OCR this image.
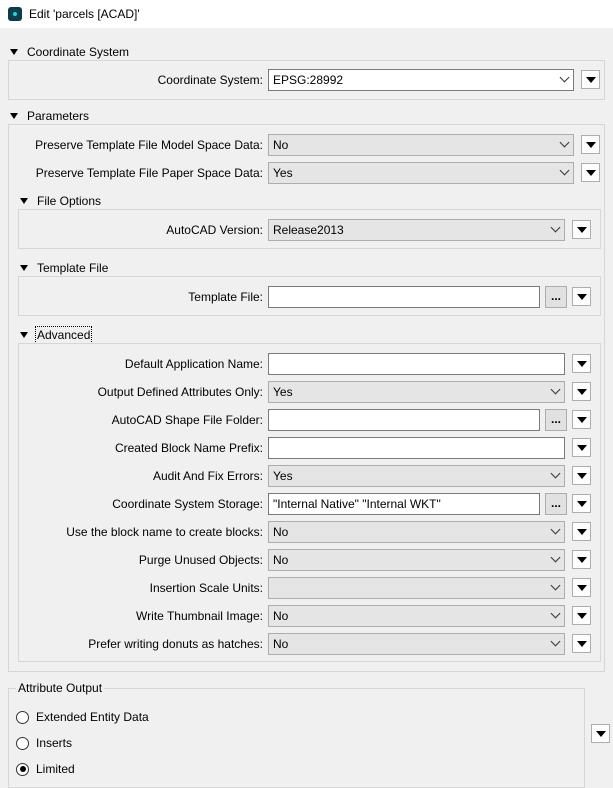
Edit 'parcels [ACAD]'
Coordinate System
Coordinate System: EPSG:28992
Parameters
Preserve Template File Model Space Data: No
Preserve Template File Paper Space Data: Yes
File Options
AutoCAD Version: Release2013
Template File
Template File:	...
Advanced
Default Application Name:
Output Defined Attributes Only: Yes
AutoCAD Shape File Folder:	...
Created Block Name Prefix:
Audit And Fix Errors: Yes
Coordinate System Storage: "Internal Native" "Internal WKT"	...
Use the block name to create blocks: No
Purge Unused Objects: No
Insertion Scale Units:
Write Thumbnail Image: No
Prefer writing donuts as hatches: No
Attribute Output
Extended Entity Data
Inserts
Limited
